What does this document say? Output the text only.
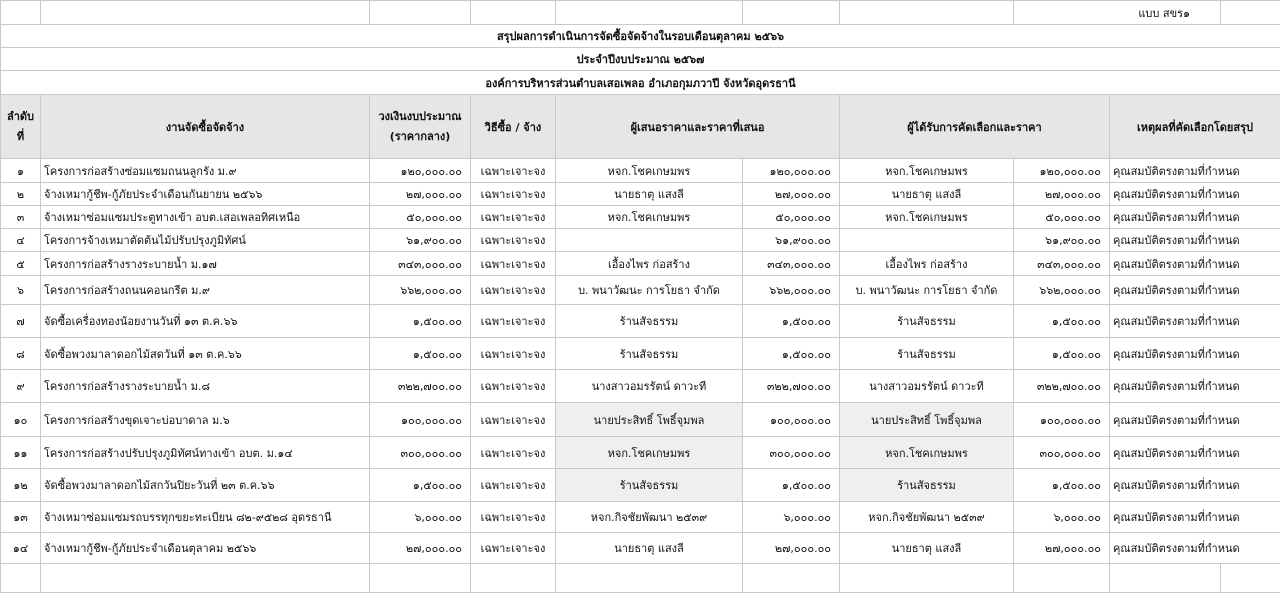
							แบบ สขร๑		
สรุปผลการดำเนินการจัดซื้อจัดจ้างในรอบเดือนตุลาคม ๒๕๖๖									
ประจำปีงบประมาณ ๒๕๖๗									
องค์การบริหารส่วนตำบลเสอเพลอ อำเภอกุมภวาปี จังหวัดอุดรธานี									
ลำดับที่	งานจัดซื้อจัดจ้าง	วงเงินงบประมาณ (ราคากลาง)	วิธีซื้อ / จ้าง	ผู้เสนอราคาและราคาที่เสนอ		ผู้ได้รับการคัดเลือกและราคา		เหตุผลที่คัดเลือกโดยสรุป	
๑	โครงการก่อสร้างซ่อมแซมถนนลูกรัง ม.๙	๑๒๐,๐๐๐.๐๐	เฉพาะเจาะจง	หจก.โชคเกษมพร	๑๒๐,๐๐๐.๐๐	หจก.โชคเกษมพร	๑๒๐,๐๐๐.๐๐	คุณสมบัติตรงตามที่กำหนด	
๒	จ้างเหมากู้ชีพ-กู้ภัยประจำเดือนกันยายน ๒๕๖๖	๒๗,๐๐๐.๐๐	เฉพาะเจาะจง	นายธาตุ แสงลี	๒๗,๐๐๐.๐๐	นายธาตุ แสงลี	๒๗,๐๐๐.๐๐	คุณสมบัติตรงตามที่กำหนด	
๓	จ้างเหมาซ่อมแซมประตูทางเข้า อบต.เสอเพลอทิศเหนือ	๕๐,๐๐๐.๐๐	เฉพาะเจาะจง	หจก.โชคเกษมพร	๕๐,๐๐๐.๐๐	หจก.โชคเกษมพร	๕๐,๐๐๐.๐๐	คุณสมบัติตรงตามที่กำหนด	
๔	โครงการจ้างเหมาตัดต้นไม้ปรับปรุงภูมิทัศน์	๖๑,๙๐๐.๐๐	เฉพาะเจาะจง		๖๑,๙๐๐.๐๐		๖๑,๙๐๐.๐๐	คุณสมบัติตรงตามที่กำหนด	
๕	โครงการก่อสร้างรางระบายน้ำ ม.๑๗	๓๔๓,๐๐๐.๐๐	เฉพาะเจาะจง	เอื้องไพร ก่อสร้าง	๓๔๓,๐๐๐.๐๐	เอื้องไพร ก่อสร้าง	๓๔๓,๐๐๐.๐๐	คุณสมบัติตรงตามที่กำหนด	
๖	โครงการก่อสร้างถนนคอนกรีต ม.๙	๖๖๒,๐๐๐.๐๐	เฉพาะเจาะจง	บ. พนาวัฒนะ การโยธา จำกัด	๖๖๒,๐๐๐.๐๐	บ. พนาวัฒนะ การโยธา จำกัด	๖๖๒,๐๐๐.๐๐	คุณสมบัติตรงตามที่กำหนด	
๗	จัดซื้อเครื่องทองน้อยงานวันที่ ๑๓ ต.ค.๖๖	๑,๕๐๐.๐๐	เฉพาะเจาะจง	ร้านสัจธรรม	๑,๕๐๐.๐๐	ร้านสัจธรรม	๑,๕๐๐.๐๐	คุณสมบัติตรงตามที่กำหนด	
๘	จัดซื้อพวงมาลาดอกไม้สดวันที่ ๑๓ ต.ค.๖๖	๑,๕๐๐.๐๐	เฉพาะเจาะจง	ร้านสัจธรรม	๑,๕๐๐.๐๐	ร้านสัจธรรม	๑,๕๐๐.๐๐	คุณสมบัติตรงตามที่กำหนด	
๙	โครงการก่อสร้างรางระบายน้ำ ม.๘	๓๒๒,๗๐๐.๐๐	เฉพาะเจาะจง	นางสาวอมรรัตน์ ดาวะที	๓๒๒,๗๐๐.๐๐	นางสาวอมรรัตน์ ดาวะที	๓๒๒,๗๐๐.๐๐	คุณสมบัติตรงตามที่กำหนด	
๑๐	โครงการก่อสร้างขุดเจาะบ่อบาดาล ม.๖	๑๐๐,๐๐๐.๐๐	เฉพาะเจาะจง	นายประสิทธิ์ โพธิ์จุมพล	๑๐๐,๐๐๐.๐๐	นายประสิทธิ์ โพธิ์จุมพล	๑๐๐,๐๐๐.๐๐	คุณสมบัติตรงตามที่กำหนด	
๑๑	โครงการก่อสร้างปรับปรุงภูมิทัศน์ทางเข้า อบต. ม.๑๔	๓๐๐,๐๐๐.๐๐	เฉพาะเจาะจง	หจก.โชคเกษมพร	๓๐๐,๐๐๐.๐๐	หจก.โชคเกษมพร	๓๐๐,๐๐๐.๐๐	คุณสมบัติตรงตามที่กำหนด	
๑๒	จัดซื้อพวงมาลาดอกไม้สกวันปิยะวันที่ ๒๓ ต.ค.๖๖	๑,๕๐๐.๐๐	เฉพาะเจาะจง	ร้านสัจธรรม	๑,๕๐๐.๐๐	ร้านสัจธรรม	๑,๕๐๐.๐๐	คุณสมบัติตรงตามที่กำหนด	
๑๓	จ้างเหมาซ่อมแซมรถบรรทุกขยะทะเบียน ๘๒-๙๕๒๘ อุดรธานี	๖,๐๐๐.๐๐	เฉพาะเจาะจง	หจก.กิจชัยพัฒนา ๒๕๓๙	๖,๐๐๐.๐๐	หจก.กิจชัยพัฒนา ๒๕๓๙	๖,๐๐๐.๐๐	คุณสมบัติตรงตามที่กำหนด	
๑๔	จ้างเหมากู้ชีพ-กู้ภัยประจำเดือนตุลาคม ๒๕๖๖	๒๗,๐๐๐.๐๐	เฉพาะเจาะจง	นายธาตุ แสงลี	๒๗,๐๐๐.๐๐	นายธาตุ แสงลี	๒๗,๐๐๐.๐๐	คุณสมบัติตรงตามที่กำหนด	
